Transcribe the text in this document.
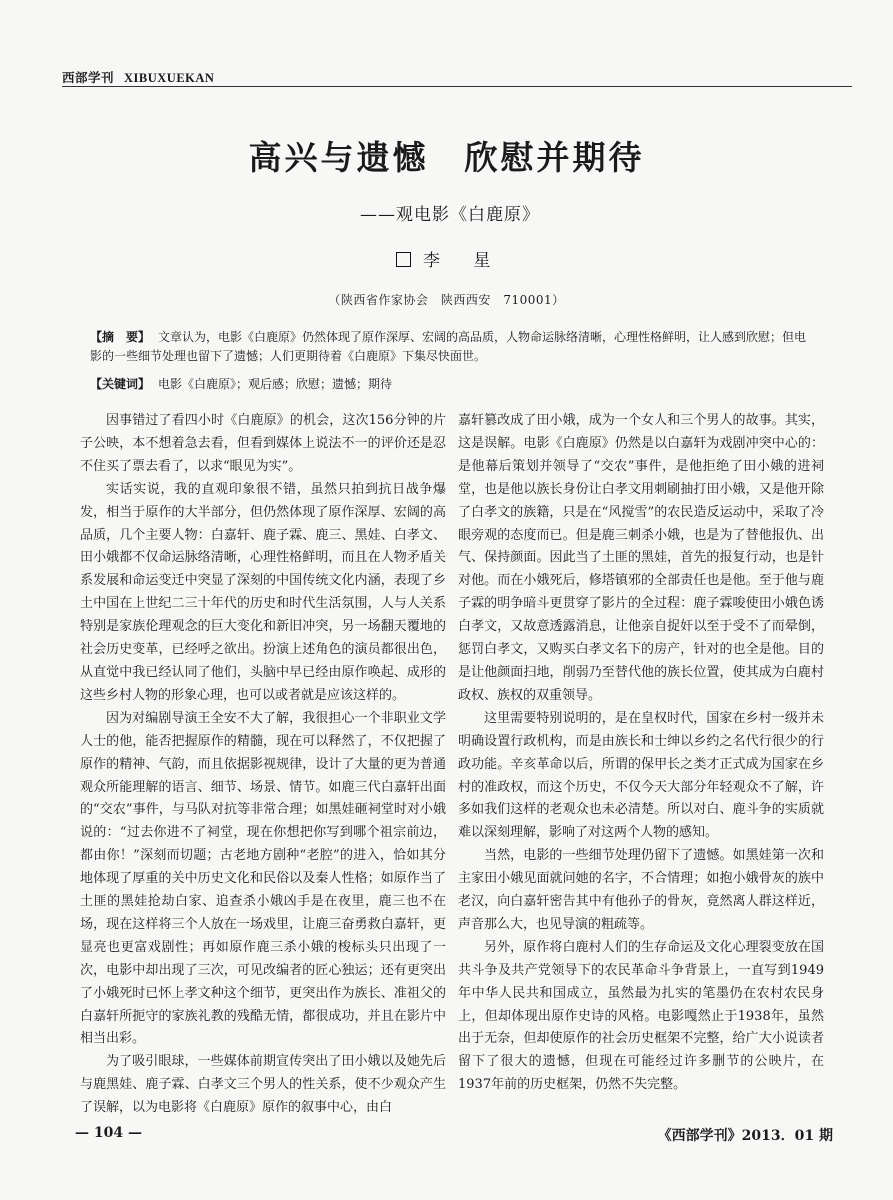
西部学刊 XIBUXUEKAN
高兴与遗憾　欣慰并期待
——观电影《白鹿原》
李 星
（陕西省作家协会　陕西西安　710001）
【摘　要】 文章认为，电影《白鹿原》仍然体现了原作深厚、宏阔的高品质，人物命运脉络清晰，心理性格鲜明，让人感到欣慰；但电影的一些细节处理也留下了遗憾；人们更期待着《白鹿原》下集尽快面世。
【关键词】 电影《白鹿原》；观后感；欣慰；遗憾；期待

因事错过了看四小时《白鹿原》的机会，这次156分钟的片子公映，本不想着急去看，但看到媒体上说法不一的评价还是忍不住买了票去看了，以求“眼见为实”。

实话实说，我的直观印象很不错，虽然只拍到抗日战争爆发，相当于原作的大半部分，但仍然体现了原作深厚、宏阔的高品质，几个主要人物：白嘉轩、鹿子霖、鹿三、黑娃、白孝文、田小娥都不仅命运脉络清晰，心理性格鲜明，而且在人物矛盾关系发展和命运变迁中突显了深刻的中国传统文化内涵，表现了乡土中国在上世纪二三十年代的历史和时代生活氛围，人与人关系特别是家族伦理观念的巨大变化和新旧冲突，另一场翻天覆地的社会历史变革，已经呼之欲出。扮演上述角色的演员都很出色，从直觉中我已经认同了他们，头脑中早已经由原作唤起、成形的这些乡村人物的形象心理，也可以或者就是应该这样的。

因为对编剧导演王全安不大了解，我很担心一个非职业文学人士的他，能否把握原作的精髓，现在可以释然了，不仅把握了原作的精神、气韵，而且依据影视规律，设计了大量的更为普通观众所能理解的语言、细节、场景、情节。如鹿三代白嘉轩出面的“交农”事件，与马队对抗等非常合理；如黑娃砸祠堂时对小娥说的：“过去你进不了祠堂，现在你想把你写到哪个祖宗前边，都由你！”深刻而切题；古老地方剧种“老腔”的进入，恰如其分地体现了厚重的关中历史文化和民俗以及秦人性格；如原作当了土匪的黑娃抢劫白家、追查杀小娥凶手是在夜里，鹿三也不在场，现在这样将三个人放在一场戏里，让鹿三奋勇救白嘉轩，更显亮也更富戏剧性；再如原作鹿三杀小娥的梭标头只出现了一次，电影中却出现了三次，可见改编者的匠心独运；还有更突出了小娥死时已怀上孝文种这个细节，更突出作为族长、准祖父的白嘉轩所扼守的家族礼教的残酷无情，都很成功，并且在影片中相当出彩。

为了吸引眼球，一些媒体前期宣传突出了田小娥以及她先后与鹿黑娃、鹿子霖、白孝文三个男人的性关系，使不少观众产生了误解，以为电影将《白鹿原》原作的叙事中心，由白

嘉轩篡改成了田小娥，成为一个女人和三个男人的故事。其实，这是误解。电影《白鹿原》仍然是以白嘉轩为戏剧冲突中心的：是他幕后策划并领导了“交农”事件，是他拒绝了田小娥的进祠堂，也是他以族长身份让白孝文用刺刷抽打田小娥，又是他开除了白孝文的族籍，只是在“风搅雪”的农民造反运动中，采取了冷眼旁观的态度而已。但是鹿三刺杀小娥，也是为了替他报仇、出气、保持颜面。因此当了土匪的黑娃，首先的报复行动，也是针对他。而在小娥死后，修塔镇邪的全部责任也是他。至于他与鹿子霖的明争暗斗更贯穿了影片的全过程：鹿子霖唆使田小娥色诱白孝文，又故意透露消息，让他亲自捉奸以至于受不了而晕倒，惩罚白孝文，又购买白孝文名下的房产，针对的也全是他。目的是让他颜面扫地，削弱乃至替代他的族长位置，使其成为白鹿村政权、族权的双重领导。

这里需要特别说明的，是在皇权时代，国家在乡村一级并未明确设置行政机构，而是由族长和士绅以乡约之名代行很少的行政功能。辛亥革命以后，所谓的保甲长之类才正式成为国家在乡村的准政权，而这个历史，不仅今天大部分年轻观众不了解，许多如我们这样的老观众也未必清楚。所以对白、鹿斗争的实质就难以深刻理解，影响了对这两个人物的感知。

当然，电影的一些细节处理仍留下了遗憾。如黑娃第一次和主家田小娥见面就问她的名字，不合情理；如抱小娥骨灰的族中老汉，向白嘉轩密告其中有他孙子的骨灰，竟然离人群这样近，声音那么大，也见导演的粗疏等。

另外，原作将白鹿村人们的生存命运及文化心理裂变放在国共斗争及共产党领导下的农民革命斗争背景上，一直写到1949年中华人民共和国成立，虽然最为扎实的笔墨仍在农村农民身上，但却体现出原作史诗的风格。电影嘎然止于1938年，虽然出于无奈，但却使原作的社会历史框架不完整，给广大小说读者留下了很大的遗憾，但现在可能经过许多删节的公映片，在1937年前的历史框架，仍然不失完整。

— 104 —	《西部学刊》2013．01 期
